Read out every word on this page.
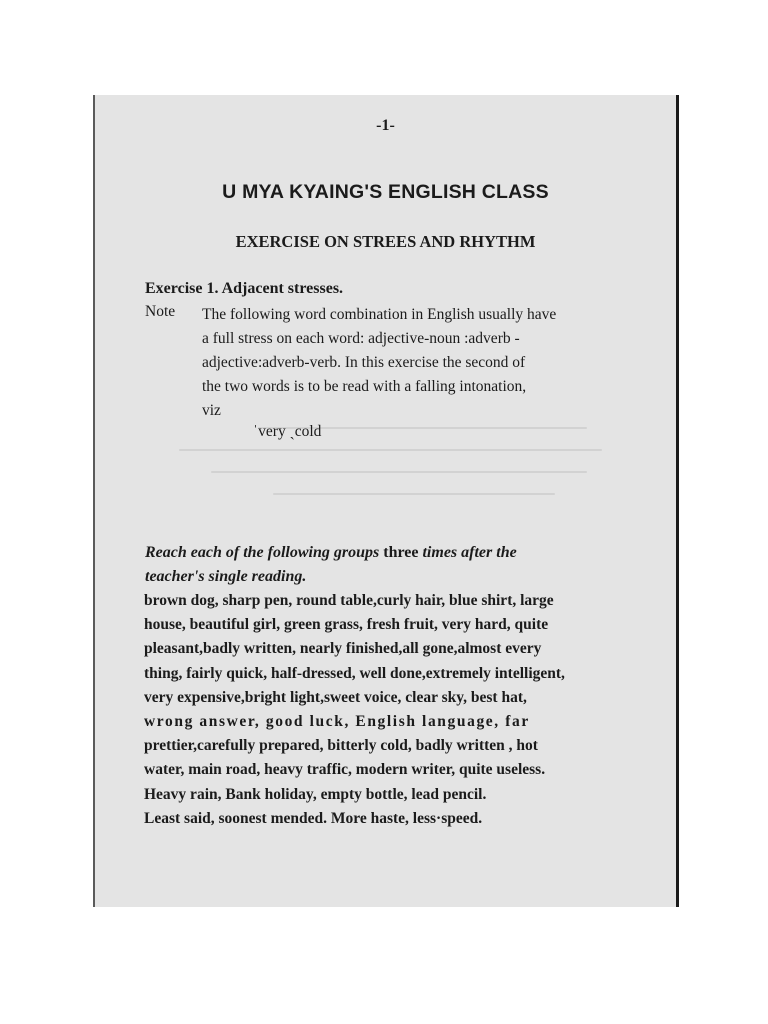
-1-
U MYA KYAING'S ENGLISH CLASS
EXERCISE ON STREES AND RHYTHM
Exercise 1. Adjacent stresses.
Note The following word combination in English usually have
a full stress on each word: adjective-noun :adverb -
adjective:adverb-verb. In this exercise the second of
the two words is to be read with a falling intonation,
viz
ˈvery ˎcold
Reach each of the following groups three times after the
teacher's single reading.
brown dog, sharp pen, round table,curly hair, blue shirt, large
house, beautiful girl, green grass, fresh fruit, very hard, quite
pleasant,badly written, nearly finished,all gone,almost every
thing, fairly quick, half-dressed, well done,extremely intelligent,
very expensive,bright light,sweet voice, clear sky, best hat,
wrong answer, good luck, English language, far
prettier,carefully prepared, bitterly cold, badly written , hot
water, main road, heavy traffic, modern writer, quite useless.
Heavy rain, Bank holiday, empty bottle, lead pencil.
Least said, soonest mended. More haste, less·speed.
